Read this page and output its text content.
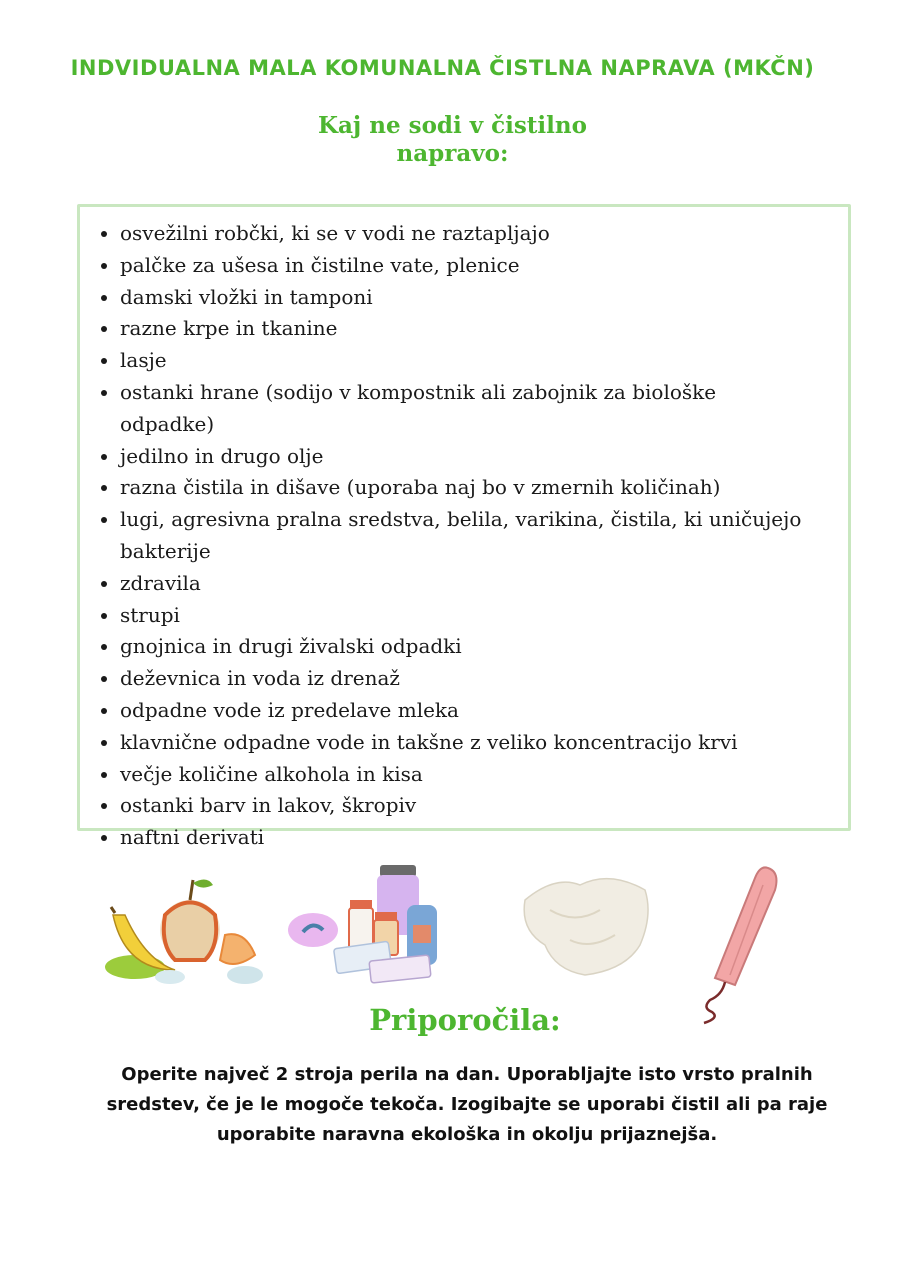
INDVIDUALNA MALA KOMUNALNA ČISTLNA NAPRAVA (MKČN)
Kaj ne sodi v čistilno
napravo:
• osvežilni robčki, ki se v vodi ne raztapljajo
• palčke za ušesa in čistilne vate, plenice
• damski vložki in tamponi
• razne krpe in tkanine
• lasje
• ostanki hrane (sodijo v kompostnik ali zabojnik za biološke odpadke)
• jedilno in drugo olje
• razna čistila in dišave (uporaba naj bo v zmernih količinah)
• lugi, agresivna pralna sredstva, belila, varikina, čistila, ki uničujejo bakterije
• zdravila
• strupi
• gnojnica in drugi živalski odpadki
• deževnica in voda iz drenaž
• odpadne vode iz predelave mleka
• klavnične odpadne vode in takšne z veliko koncentracijo krvi
• večje količine alkohola in kisa
• ostanki barv in lakov, škropiv
• naftni derivati
Priporočila:

Operite največ 2 stroja perila na dan. Uporabljajte isto vrsto pralnih sredstev, če je le mogoče tekoča. Izogibajte se uporabi čistil ali pa raje uporabite naravna ekološka in okolju prijaznejša.
